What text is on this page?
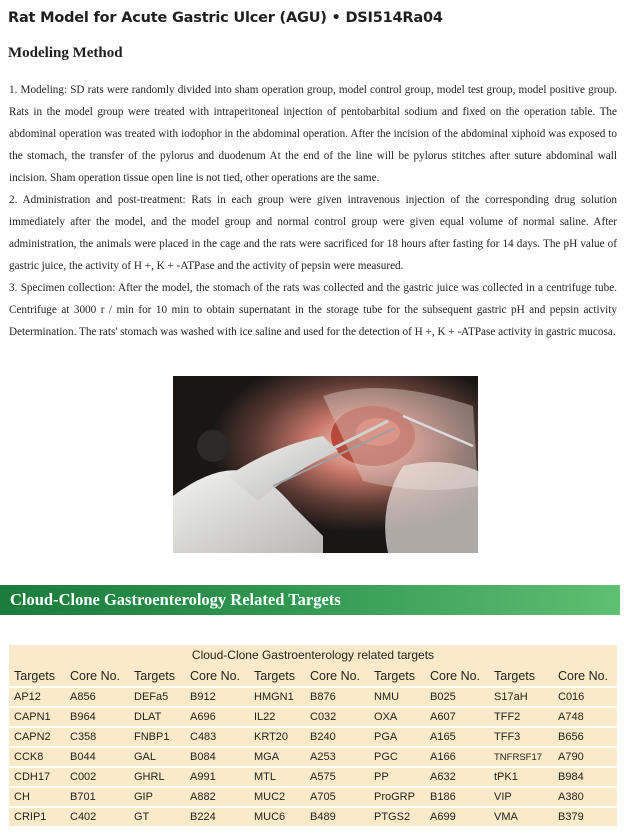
Rat Model for Acute Gastric Ulcer (AGU) • DSI514Ra04
Modeling Method

1. Modeling: SD rats were randomly divided into sham operation group, model control group, model test group, model positive group. Rats in the model group were treated with intraperitoneal injection of pentobarbital sodium and fixed on the operation table. The abdominal operation was treated with iodophor in the abdominal operation. After the incision of the abdominal xiphoid was exposed to the stomach, the transfer of the pylorus and duodenum At the end of the line will be pylorus stitches after suture abdominal wall incision. Sham operation tissue open line is not tied, other operations are the same.

2. Administration and post-treatment: Rats in each group were given intravenous injection of the corresponding drug solution immediately after the model, and the model group and normal control group were given equal volume of normal saline. After administration, the animals were placed in the cage and the rats were sacrificed for 18 hours after fasting for 14 days. The pH value of gastric juice, the activity of H +, K + -ATPase and the activity of pepsin were measured.

3. Specimen collection: After the model, the stomach of the rats was collected and the gastric juice was collected in a centrifuge tube. Centrifuge at 3000 r / min for 10 min to obtain supernatant in the storage tube for the subsequent gastric pH and pepsin activity Determination. The rats' stomach was washed with ice saline and used for the detection of H +, K + -ATPase activity in gastric mucosa.

Cloud-Clone Gastroenterology Related Targets
Cloud-Clone Gastroenterology related targets
Targets	Core No.	Targets	Core No.	Targets	Core No.	Targets	Core No.	Targets	Core No.
AP12	A856	DEFa5	B912	HMGN1	B876	NMU	B025	S17aH	C016
CAPN1	B964	DLAT	A696	IL22	C032	OXA	A607	TFF2	A748
CAPN2	C358	FNBP1	C483	KRT20	B240	PGA	A165	TFF3	B656
CCK8	B044	GAL	B084	MGA	A253	PGC	A166	TNFRSF17	A790
CDH17	C002	GHRL	A991	MTL	A575	PP	A632	tPK1	B984
CH	B701	GIP	A882	MUC2	A705	ProGRP	B186	VIP	A380
CRIP1	C402	GT	B224	MUC6	B489	PTGS2	A699	VMA	B379
